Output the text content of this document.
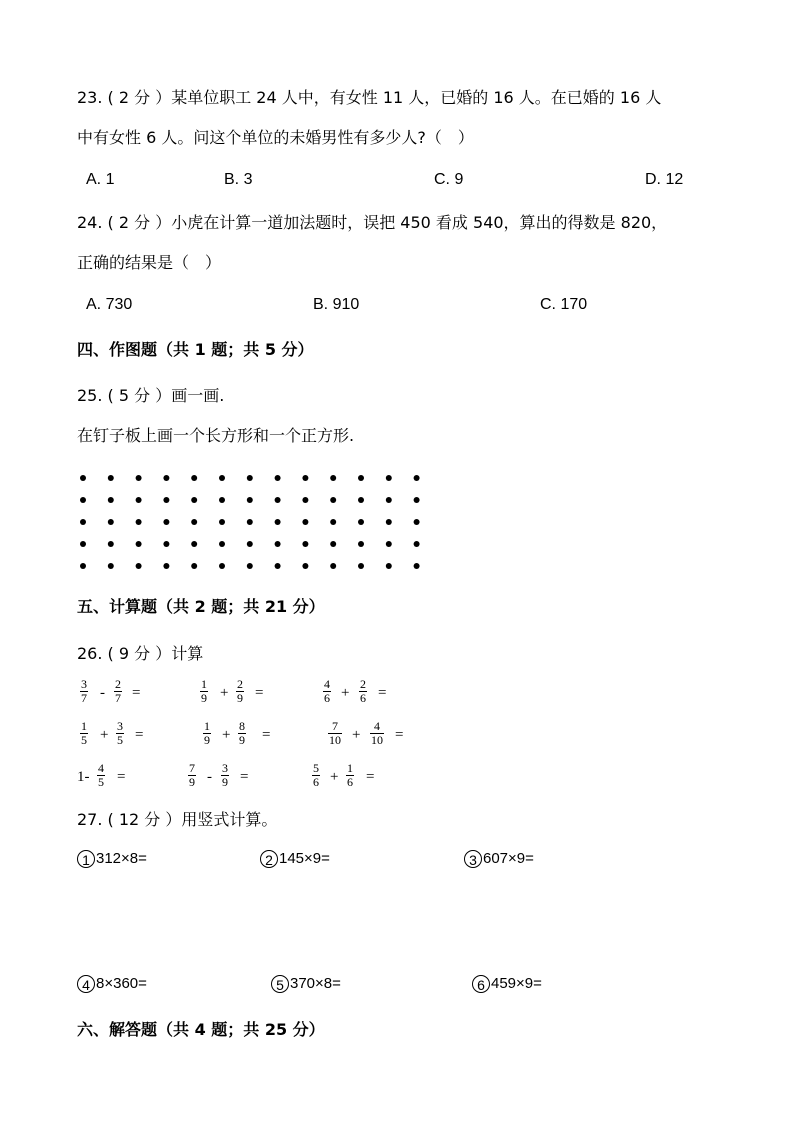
23. ( 2 分 ）某单位职工 24 人中，有女性 11 人，已婚的 16 人。在已婚的 16 人
中有女性 6 人。问这个单位的未婚男性有多少人?（　）
A. 1	B. 3	C. 9	D. 12
24. ( 2 分 ）小虎在计算一道加法题时，误把 450 看成 540，算出的得数是 820，
正确的结果是（　）
A. 730	B. 910	C. 170
四、作图题（共 1 题；共 5 分）
25. ( 5 分 ）画一画.
在钉子板上画一个长方形和一个正方形.
五、计算题（共 2 题；共 21 分）
26. ( 9 分 ）计算
$\frac{3}{7} - \frac{2}{7}$ =	$\frac{1}{9} + \frac{2}{9}$ =	$\frac{4}{6} + \frac{2}{6}$ =
$\frac{1}{5} + \frac{3}{5}$ =	$\frac{1}{9} + \frac{8}{9}$ =	$\frac{7}{10} + \frac{4}{10}$ =
$1- \frac{4}{5}$ =	$\frac{7}{9} - \frac{3}{9}$ =	$\frac{5}{6} + \frac{1}{6}$ =
27. ( 12 分 ）用竖式计算。
1 312×8=	2 145×9=	3 607×9=
4 8×360=	5 370×8=	6 459×9=
六、解答题（共 4 题；共 25 分）
